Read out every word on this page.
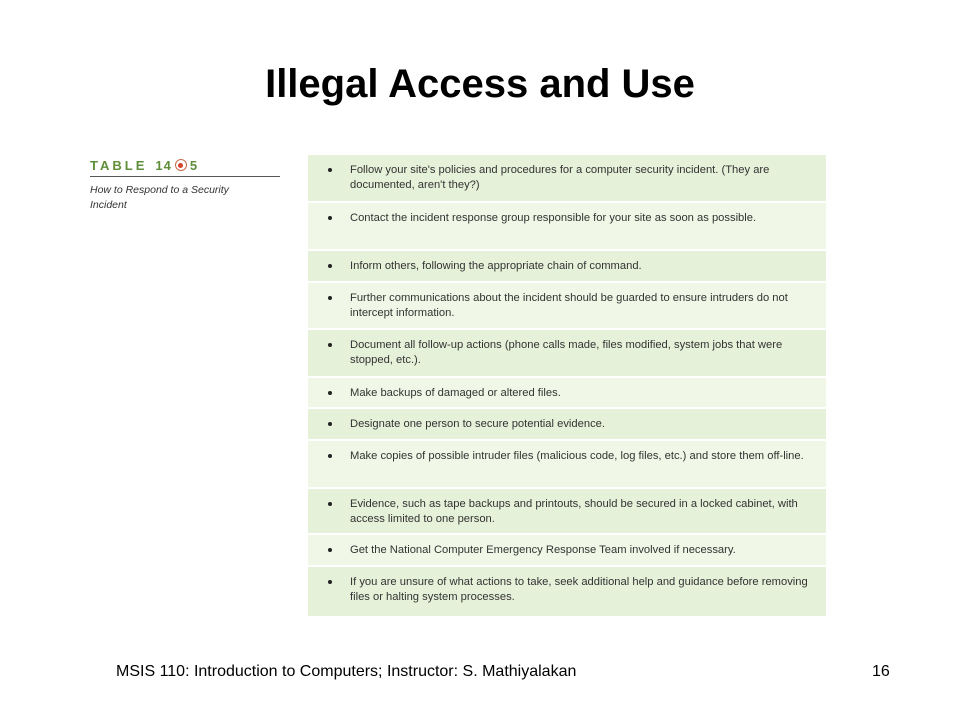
Illegal Access and Use
TABLE 14 5
How to Respond to a Security Incident
Follow your site's policies and procedures for a computer security incident. (They are documented, aren't they?)
Contact the incident response group responsible for your site as soon as possible.
Inform others, following the appropriate chain of command.
Further communications about the incident should be guarded to ensure intruders do not intercept information.
Document all follow-up actions (phone calls made, files modified, system jobs that were stopped, etc.).
Make backups of damaged or altered files.
Designate one person to secure potential evidence.
Make copies of possible intruder files (malicious code, log files, etc.) and store them off-line.
Evidence, such as tape backups and printouts, should be secured in a locked cabinet, with access limited to one person.
Get the National Computer Emergency Response Team involved if necessary.
If you are unsure of what actions to take, seek additional help and guidance before removing files or halting system processes.
MSIS 110: Introduction to Computers; Instructor: S. Mathiyalakan	16
